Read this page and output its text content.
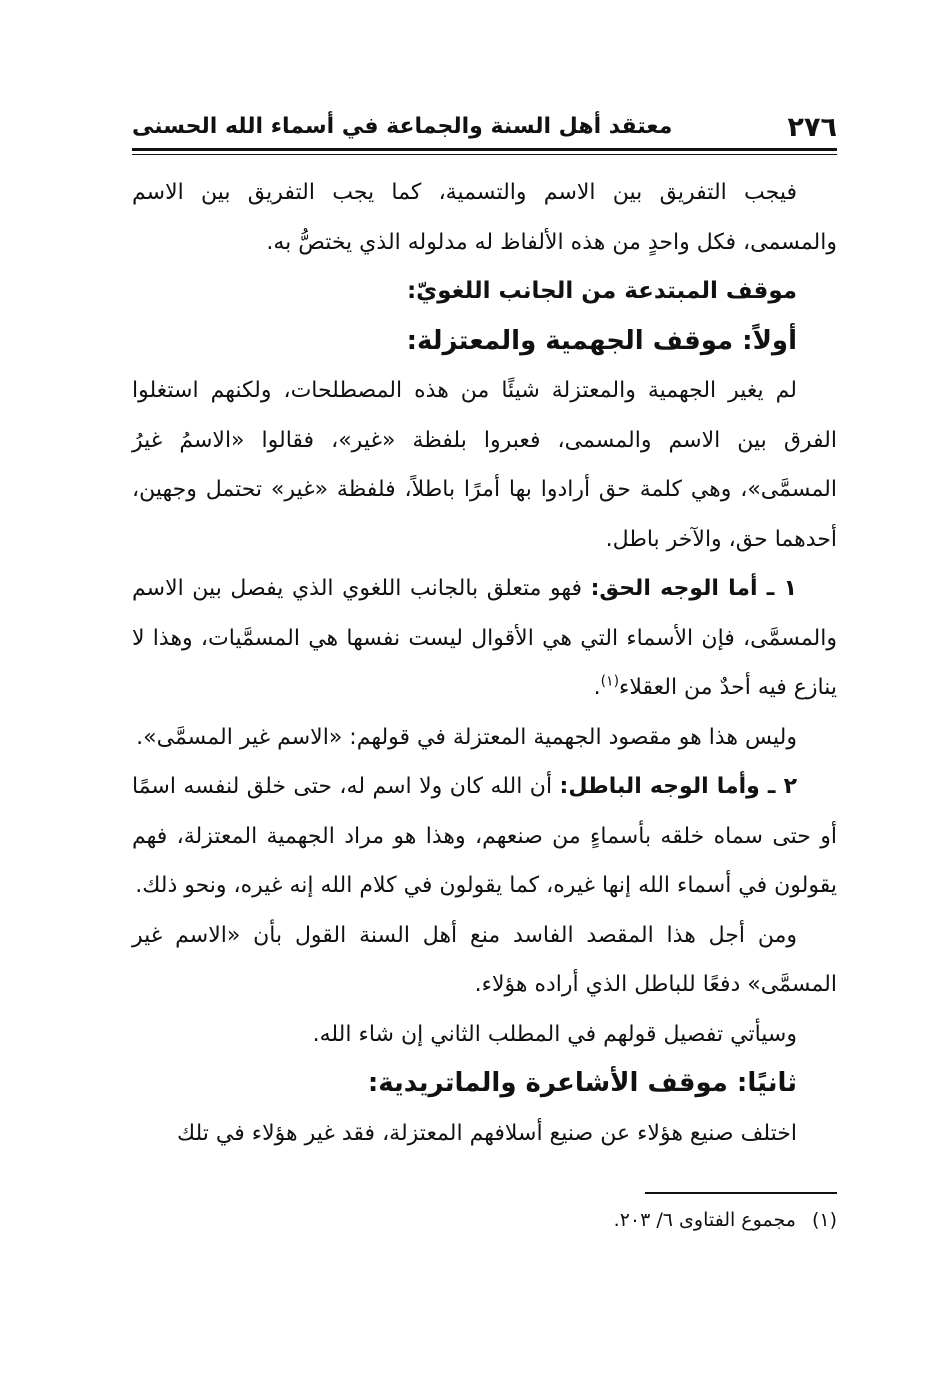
٢٧٦
معتقد أهل السنة والجماعة في أسماء الله الحسنى

فيجب التفريق بين الاسم والتسمية، كما يجب التفريق بين الاسم والمسمى، فكل واحدٍ من هذه الألفاظ له مدلوله الذي يختصُّ به.

موقف المبتدعة من الجانب اللغويّ:

أولاً: موقف الجهمية والمعتزلة:

لم يغير الجهمية والمعتزلة شيئًا من هذه المصطلحات، ولكنهم استغلوا الفرق بين الاسم والمسمى، فعبروا بلفظة «غير»، فقالوا «الاسمُ غيرُ المسمَّى»، وهي كلمة حق أرادوا بها أمرًا باطلاً، فلفظة «غير» تحتمل وجهين، أحدهما حق، والآخر باطل.

١ ـ أما الوجه الحق: فهو متعلق بالجانب اللغوي الذي يفصل بين الاسم والمسمَّى، فإن الأسماء التي هي الأقوال ليست نفسها هي المسمَّيات، وهذا لا ينازع فيه أحدٌ من العقلاء$^{(١)}$.

وليس هذا هو مقصود الجهمية المعتزلة في قولهم: «الاسم غير المسمَّى».

٢ ـ وأما الوجه الباطل: أن الله كان ولا اسم له، حتى خلق لنفسه اسمًا أو حتى سماه خلقه بأسماءٍ من صنعهم، وهذا هو مراد الجهمية المعتزلة، فهم يقولون في أسماء الله إنها غيره، كما يقولون في كلام الله إنه غيره، ونحو ذلك.

ومن أجل هذا المقصد الفاسد منع أهل السنة القول بأن «الاسم غير المسمَّى» دفعًا للباطل الذي أراده هؤلاء.

وسيأتي تفصيل قولهم في المطلب الثاني إن شاء الله.

ثانيًا: موقف الأشاعرة والماتريدية:

اختلف صنيع هؤلاء عن صنيع أسلافهم المعتزلة، فقد غير هؤلاء في تلك

(١) مجموع الفتاوى ٦/ ٢٠٣.
